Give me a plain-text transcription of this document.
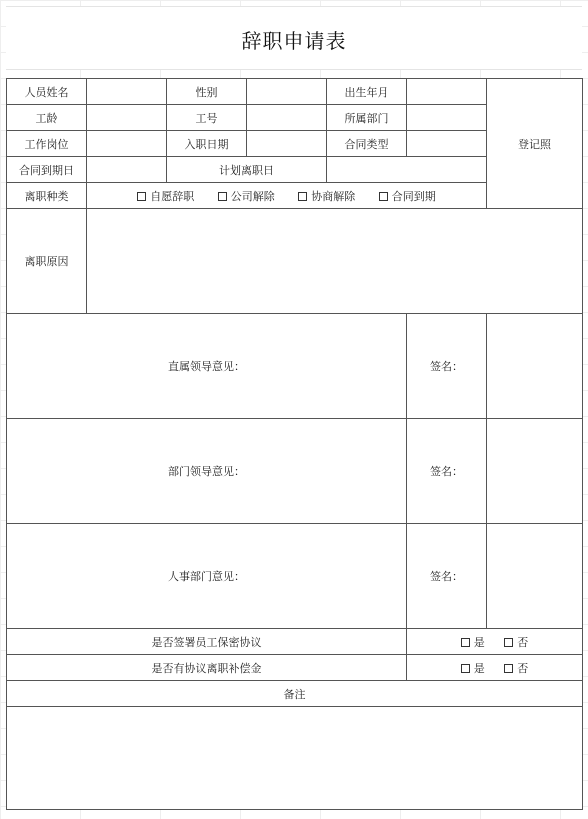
辞职申请表
人员姓名		性别		出生年月		登记照
工龄		工号		所属部门		
工作岗位		入职日期		合同类型		
合同到期日		计划离职日				
离职种类	自愿辞职 公司解除 协商解除 合同到期					
离职原因						
直属领导意见：					签名：	
部门领导意见：					签名：	
人事部门意见：					签名：	
是否签署员工保密协议					是 否	
是否有协议离职补偿金					是 否	
备注						
